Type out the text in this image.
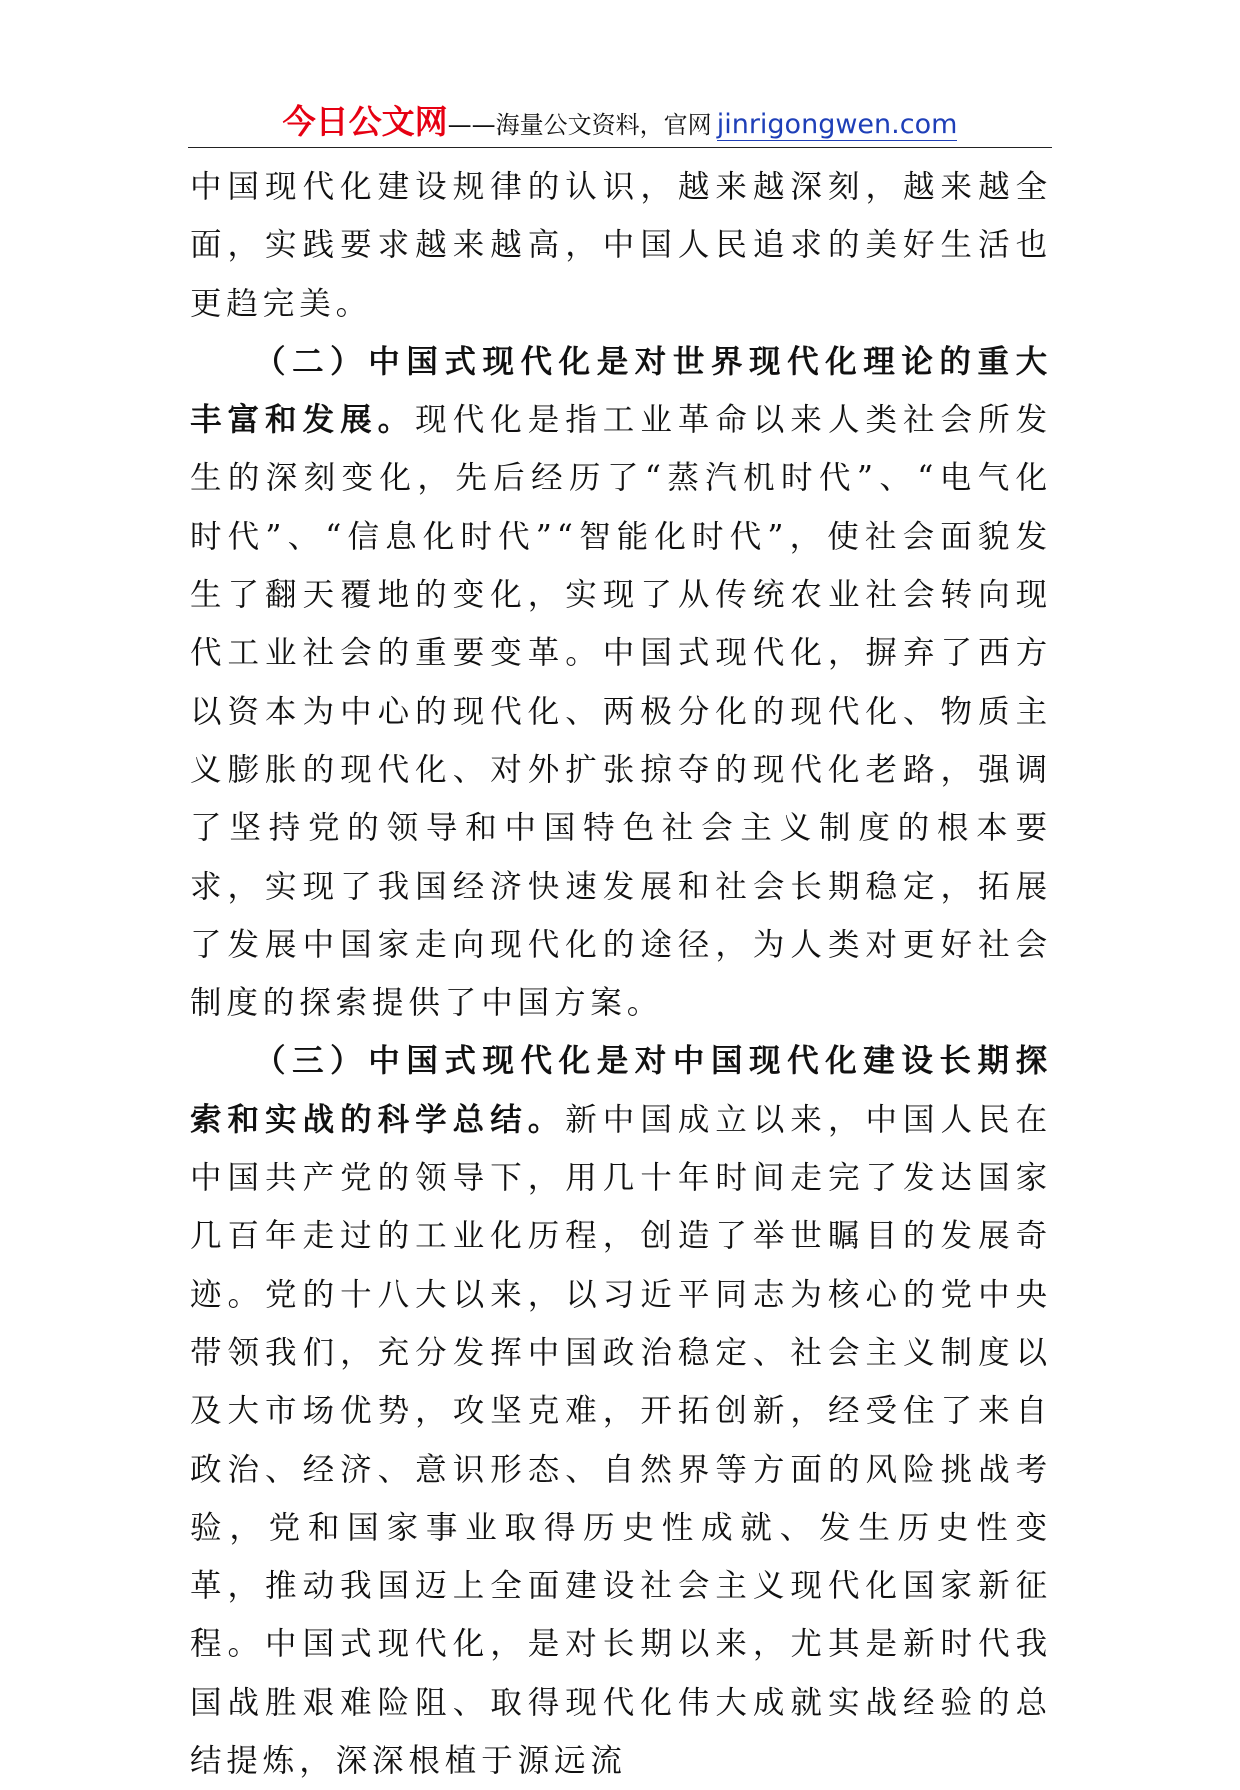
今日公文网——海量公文资料，官网 jinrigongwen.com

中国现代化建设规律的认识，越来越深刻，越来越全面，实践要求越来越高，中国人民追求的美好生活也更趋完美。

（二）中国式现代化是对世界现代化理论的重大丰富和发展。现代化是指工业革命以来人类社会所发生的深刻变化，先后经历了“蒸汽机时代”、“电气化时代”、“信息化时代”“智能化时代”，使社会面貌发生了翻天覆地的变化，实现了从传统农业社会转向现代工业社会的重要变革。中国式现代化，摒弃了西方以资本为中心的现代化、两极分化的现代化、物质主义膨胀的现代化、对外扩张掠夺的现代化老路，强调了坚持党的领导和中国特色社会主义制度的根本要求，实现了我国经济快速发展和社会长期稳定，拓展了发展中国家走向现代化的途径，为人类对更好社会制度的探索提供了中国方案。

（三）中国式现代化是对中国现代化建设长期探索和实战的科学总结。新中国成立以来，中国人民在中国共产党的领导下，用几十年时间走完了发达国家几百年走过的工业化历程，创造了举世瞩目的发展奇迹。党的十八大以来，以习近平同志为核心的党中央带领我们，充分发挥中国政治稳定、社会主义制度以及大市场优势，攻坚克难，开拓创新，经受住了来自政治、经济、意识形态、自然界等方面的风险挑战考验，党和国家事业取得历史性成就、发生历史性变革，推动我国迈上全面建设社会主义现代化国家新征程。中国式现代化，是对长期以来，尤其是新时代我国战胜艰难险阻、取得现代化伟大成就实战经验的总结提炼，深深根植于源远流
